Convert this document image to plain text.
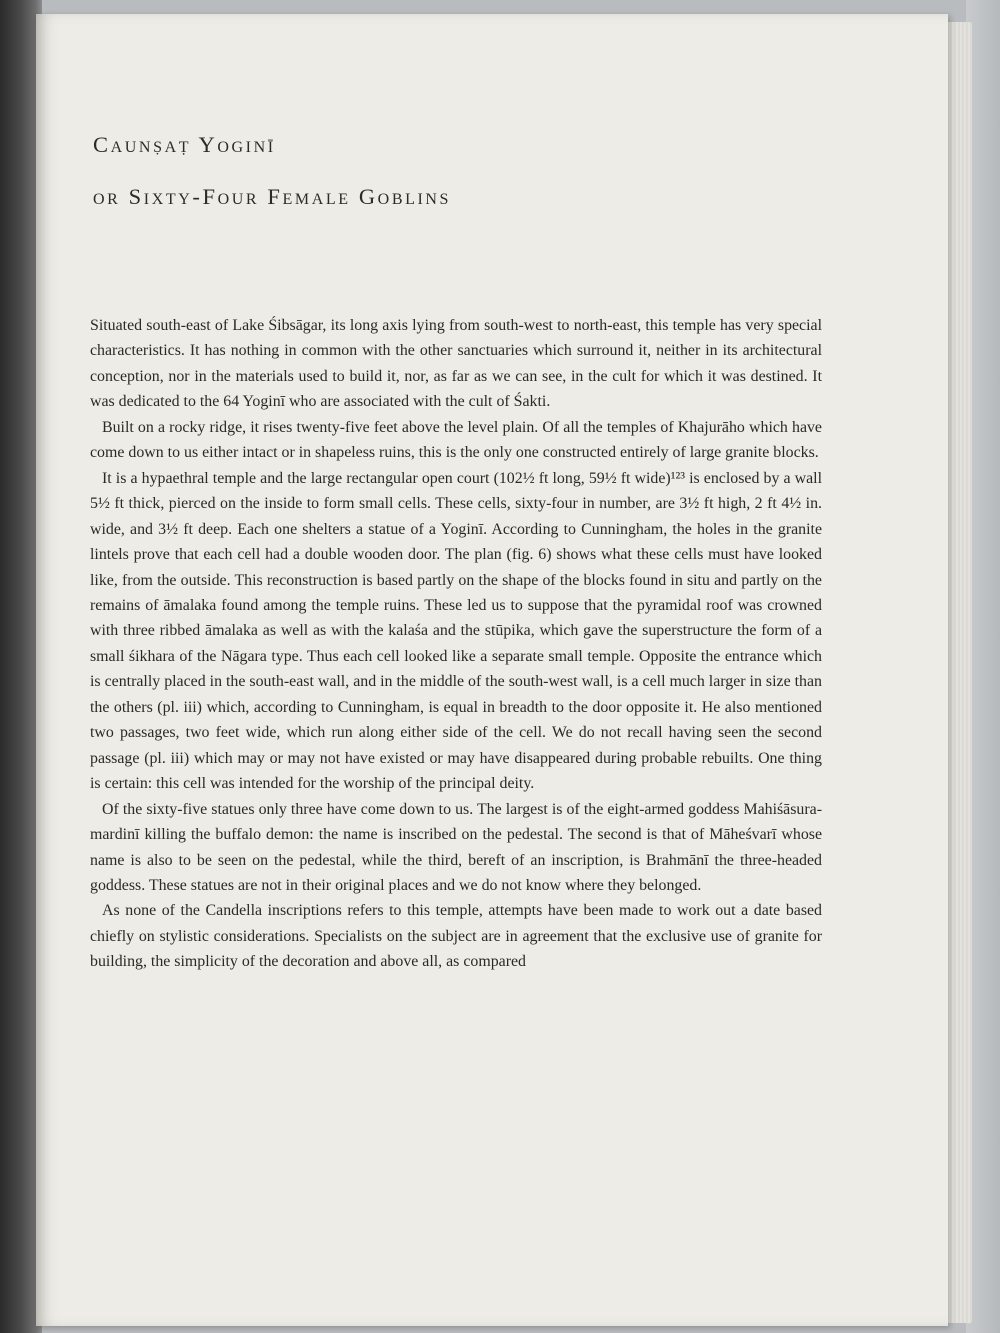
Caunṣaṭ Yoginī
or Sixty-Four Female Goblins

Situated south-east of Lake Śibsāgar, its long axis lying from south-west to north-east, this temple has very special characteristics. It has nothing in common with the other sanctuaries which surround it, neither in its architectural conception, nor in the materials used to build it, nor, as far as we can see, in the cult for which it was destined. It was dedicated to the 64 Yoginī who are associated with the cult of Śakti.

Built on a rocky ridge, it rises twenty-five feet above the level plain. Of all the temples of Khajurāho which have come down to us either intact or in shapeless ruins, this is the only one constructed entirely of large granite blocks.

It is a hypaethral temple and the large rectangular open court (102½ ft long, 59½ ft wide)¹²³ is enclosed by a wall 5½ ft thick, pierced on the inside to form small cells. These cells, sixty-four in number, are 3½ ft high, 2 ft 4½ in. wide, and 3½ ft deep. Each one shelters a statue of a Yoginī. According to Cunningham, the holes in the granite lintels prove that each cell had a double wooden door. The plan (fig. 6) shows what these cells must have looked like, from the outside. This reconstruction is based partly on the shape of the blocks found in situ and partly on the remains of āmalaka found among the temple ruins. These led us to suppose that the pyramidal roof was crowned with three ribbed āmalaka as well as with the kalaśa and the stūpika, which gave the superstructure the form of a small śikhara of the Nāgara type. Thus each cell looked like a separate small temple. Opposite the entrance which is centrally placed in the south-east wall, and in the middle of the south-west wall, is a cell much larger in size than the others (pl. iii) which, according to Cunningham, is equal in breadth to the door opposite it. He also mentioned two passages, two feet wide, which run along either side of the cell. We do not recall having seen the second passage (pl. iii) which may or may not have existed or may have disappeared during probable rebuilts. One thing is certain: this cell was intended for the worship of the principal deity.

Of the sixty-five statues only three have come down to us. The largest is of the eight-armed goddess Mahiśāsura-mardinī killing the buffalo demon: the name is inscribed on the pedestal. The second is that of Māheśvarī whose name is also to be seen on the pedestal, while the third, bereft of an inscription, is Brahmānī the three-headed goddess. These statues are not in their original places and we do not know where they belonged.

As none of the Candella inscriptions refers to this temple, attempts have been made to work out a date based chiefly on stylistic considerations. Specialists on the subject are in agreement that the exclusive use of granite for building, the simplicity of the decoration and above all, as compared
